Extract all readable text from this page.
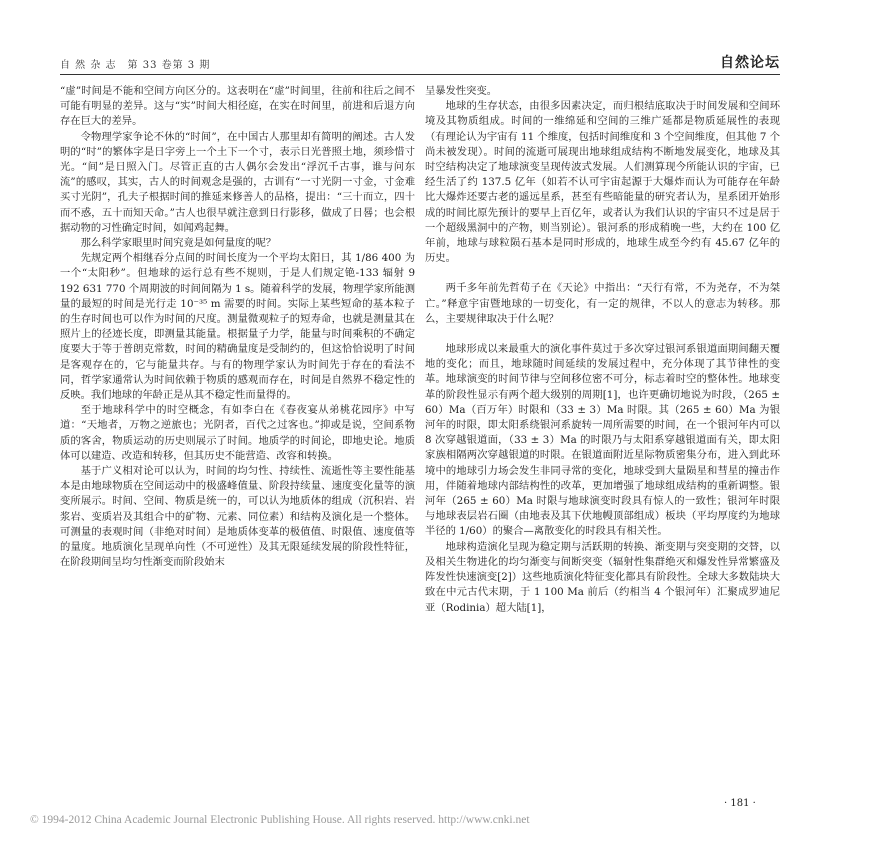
自 然 杂 志　第 33 卷第 3 期	自然论坛

“虚”时间是不能和空间方向区分的。这表明在“虚”时间里，往前和往后之间不可能有明显的差异。这与“实”时间大相径庭，在实在时间里，前进和后退方向存在巨大的差异。

令物理学家争论不休的“时间”，在中国古人那里却有简明的阐述。古人发明的“时”的繁体字是日字旁上一个土下一个寸，表示日光普照土地，须珍惜寸光。“间”是日照入门。尽管正直的古人偶尔会发出“浮沉千古事，谁与问东流”的感叹，其实，古人的时间观念是强的，古训有“一寸光阴一寸金，寸金难买寸光阴”，孔夫子根据时间的推延来修善人的品格，提出：“三十而立，四十而不惑，五十而知天命。”古人也很早就注意到日行影移，做成了日晷；也会根据动物的习性确定时间，如闻鸡起舞。

那么科学家眼里时间究竟是如何量度的呢？

先规定两个相继吞分点间的时间长度为一个平均太阳日，其 1/86 400 为一个“太阳秒”。但地球的运行总有些不规则，于是人们规定铯-133 辐射 9 192 631 770 个周期波的时间间隔为 1 s。随着科学的发展，物理学家所能测量的最短的时间是光行走 10⁻³⁵ m 需要的时间。实际上某些短命的基本粒子的生存时间也可以作为时间的尺度。测量微观粒子的短寿命，也就是测量其在照片上的径迹长度，即测量其能量。根据量子力学，能量与时间乘积的不确定度要大于等于普朗克常数，时间的精确量度是受制约的，但这恰恰说明了时间是客观存在的，它与能量共存。与有的物理学家认为时间先于存在的看法不同，哲学家通常认为时间依赖于物质的感观而存在，时间是自然界不稳定性的反映。我们地球的年龄正是从其不稳定性而量得的。

至于地球科学中的时空概念，有如李白在《春夜宴从弟桃花园序》中写道：“天地者，万物之逆旅也；光阴者，百代之过客也。”抑或是说，空间系物质的客舍，物质运动的历史则展示了时间。地质学的时间论，即地史论。地质体可以建造、改造和转移，但其历史不能营造、改容和转换。

基于广义相对论可以认为，时间的均匀性、持续性、流逝性等主要性能基本是由地球物质在空间运动中的极盛峰值量、阶段持续量、速度变化量等的演变所展示。时间、空间、物质是统一的，可以认为地质体的组成（沉积岩、岩浆岩、变质岩及其组合中的矿物、元素、同位素）和结构及演化是一个整体。可测量的表观时间（非绝对时间）是地质体变革的极值值、时限值、速度值等的量度。地质演化呈现单向性（不可逆性）及其无限延续发展的阶段性特征，在阶段期间呈均匀性渐变而阶段始末

呈暴发性突变。

地球的生存状态，由很多因素决定，而归根结底取决于时间发展和空间环境及其物质组成。时间的一维绵延和空间的三维广延都是物质延展性的表现（有理论认为宇宙有 11 个维度，包括时间维度和 3 个空间维度，但其他 7 个尚未被发现）。时间的流逝可展现出地球组成结构不断地发展变化，地球及其时空结构决定了地球演变呈现传波式发展。人们测算现今所能认识的宇宙，已经生活了约 137.5 亿年（如若不认可宇宙起源于大爆炸而认为可能存在年龄比大爆炸还要古老的遥远星系，甚至有些暗能量的研究者认为，星系团开始形成的时间比原先预计的要早上百亿年，或者认为我们认识的宇宙只不过是居于一个超级黑洞中的产物，则当别论）。银河系的形成稍晚一些，大约在 100 亿年前，地球与球粒陨石基本是同时形成的，地球生成至今约有 45.67 亿年的历史。

两千多年前先哲荀子在《天论》中指出：“天行有常，不为尧存，不为桀亡。”释意宇宙暨地球的一切变化，有一定的规律，不以人的意志为转移。那么，主要规律取决于什么呢？

地球形成以来最重大的演化事件莫过于多次穿过银河系银道面期间翻天覆地的变化；而且，地球随时间延续的发展过程中，充分体现了其节律性的变革。地球演变的时间节律与空间移位密不可分，标志着时空的整体性。地球变革的阶段性显示有两个超大级别的周期[1]，也许更确切地说为时段，（265 ± 60）Ma（百万年）时限和（33 ± 3）Ma 时限。其（265 ± 60）Ma 为银河年的时限，即太阳系绕银河系旋转一周所需要的时间，在一个银河年内可以 8 次穿越银道面，（33 ± 3）Ma 的时限乃与太阳系穿越银道面有关，即太阳家族相隔两次穿越银道的时限。在银道面附近星际物质密集分布，进入到此环境中的地球引力场会发生非同寻常的变化，地球受到大量陨星和彗星的撞击作用，伴随着地球内部结构性的改革，更加增强了地球组成结构的重新调整。银河年（265 ± 60）Ma 时限与地球演变时段具有惊人的一致性；银河年时限与地球表层岩石圈（由地表及其下伏地幔顶部组成）板块（平均厚度约为地球半径的 1/60）的聚合—离散变化的时段具有相关性。

地球构造演化呈现为稳定期与活跃期的转换、渐变期与突变期的交替，以及相关生物进化的均匀渐变与间断突变（辐射性集群绝灭和爆发性异常繁盛及阵发性快速演变[2]）这些地质演化特征变化都具有阶段性。全球大多数陆块大致在中元古代末期，于 1 100 Ma 前后（约相当 4 个银河年）汇聚成罗迪尼亚（Rodinia）超大陆[1]，

· 181 ·
© 1994-2012 China Academic Journal Electronic Publishing House. All rights reserved. http://www.cnki.net
